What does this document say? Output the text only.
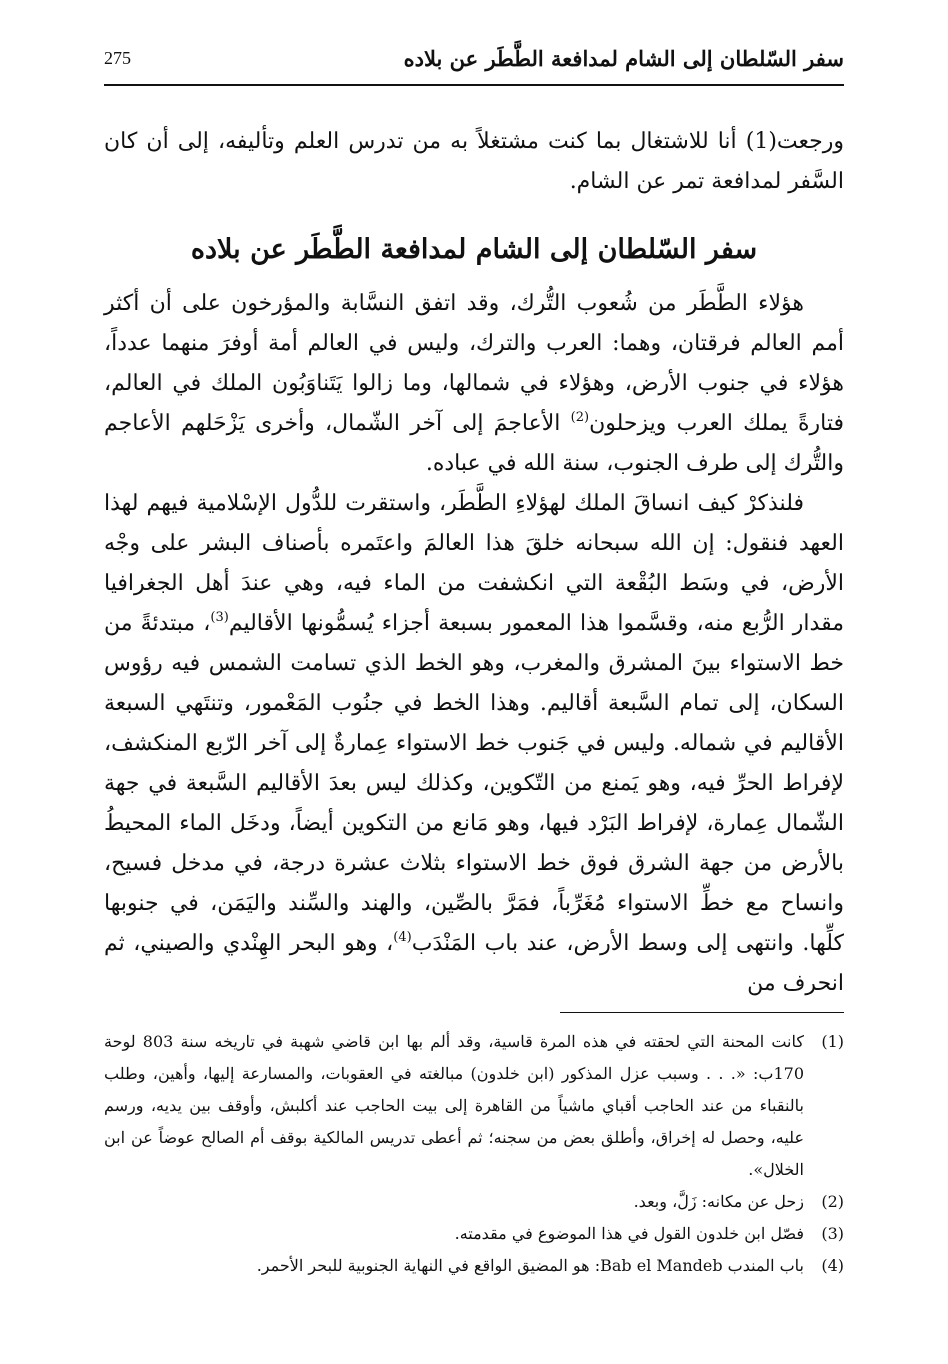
سفر السّلطان إلى الشام لمدافعة الطَّطَر عن بلاده
275

ورجعت(1) أنا للاشتغال بما كنت مشتغلاً به من تدرس العلم وتأليفه، إلى أن كان السَّفر لمدافعة تمر عن الشام.

سفر السّلطان إلى الشام لمدافعة الطَّطَر عن بلاده

هؤلاء الطَّطَر من شُعوب التُّرك، وقد اتفق النسَّابة والمؤرخون على أن أكثر أمم العالم فرقتان، وهما: العرب والترك، وليس في العالم أمة أوفرَ منهما عدداً، هؤلاء في جنوب الأرض، وهؤلاء في شمالها، وما زالوا يَتَناوَبُون الملك في العالم، فتارةً يملك العرب ويزحلون$^{(2)}$ الأعاجمَ إلى آخر الشّمال، وأخرى يَزْحَلهم الأعاجم والتُّرك إلى طرف الجنوب، سنة الله في عباده.

فلنذكرْ كيف انساقَ الملك لهؤلاءِ الطَّطَر، واستقرت للدُّول الإسْلامية فيهم لهذا العهد فنقول: إن الله سبحانه خلقَ هذا العالمَ واعتَمره بأصناف البشر على وجْه الأرض، في وسَط البُقْعة التي انكشفت من الماء فيه، وهي عندَ أهل الجغرافيا مقدار الرُّبع منه، وقسَّموا هذا المعمور بسبعة أجزاء يُسمُّونها الأقاليم$^{(3)}$، مبتدئةً من خط الاستواء بينَ المشرق والمغرب، وهو الخط الذي تسامت الشمس فيه رؤوس السكان، إلى تمام السَّبعة أقاليم. وهذا الخط في جنُوب المَعْمور، وتنتَهي السبعة الأقاليم في شماله. وليس في جَنوب خط الاستواء عِمارةٌ إلى آخر الرّبع المنكشف، لإفراط الحرِّ فيه، وهو يَمنع من التّكوين، وكذلك ليس بعدَ الأقاليم السَّبعة في جهة الشّمال عِمارة، لإفراط البَرْد فيها، وهو مَانع من التكوين أيضاً، ودخَل الماء المحيطُ بالأرض من جهة الشرق فوق خط الاستواء بثلاث عشرة درجة، في مدخل فسيح، وانساح مع خطِّ الاستواء مُغَرِّباً، فمَرَّ بالصِّين، والهند والسِّند واليَمَن، في جنوبها كلِّها. وانتهى إلى وسط الأرض، عند باب المَنْدَب$^{(4)}$، وهو البحر الهِنْدي والصيني، ثم انحرف من

(1)
كانت المحنة التي لحقته في هذه المرة قاسية، وقد ألم بها ابن قاضي شهبة في تاريخه سنة 803 لوحة 170ب: «. . . وسبب عزل المذكور (ابن خلدون) مبالغته في العقوبات، والمسارعة إليها، وأهين، وطلب بالنقباء من عند الحاجب أقباي ماشياً من القاهرة إلى بيت الحاجب عند أكلبش، وأوقف بين يديه، ورسم عليه، وحصل له إخراق، وأطلق بعض من سجنه؛ ثم أعطى تدريس المالكية بوقف أم الصالح عوضاً عن ابن الخلال».
(2)
زحل عن مكانه: زَلَّ، وبعد.
(3)
فصّل ابن خلدون القول في هذا الموضوع في مقدمته.
(4)
باب المندب Bab el Mandeb: هو المضيق الواقع في النهاية الجنوبية للبحر الأحمر.
